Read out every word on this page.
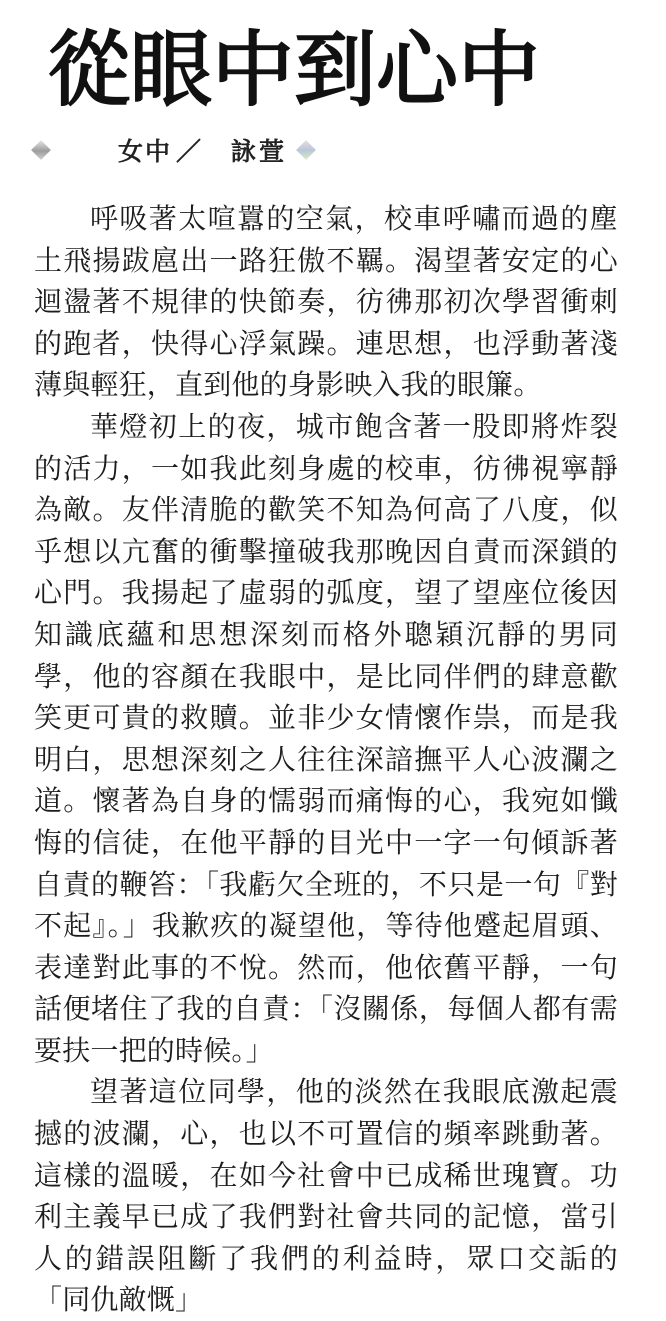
從眼中到心中
女中 ／ 詠萱

呼吸著太喧囂的空氣，校車呼嘯而過的塵土飛揚跋扈出一路狂傲不羈。渴望著安定的心迴盪著不規律的快節奏，彷彿那初次學習衝刺的跑者，快得心浮氣躁。連思想，也浮動著淺薄與輕狂，直到他的身影映入我的眼簾。

華燈初上的夜，城市飽含著一股即將炸裂的活力，一如我此刻身處的校車，彷彿視寧靜為敵。友伴清脆的歡笑不知為何高了八度，似乎想以亢奮的衝擊撞破我那晚因自責而深鎖的心門。我揚起了虛弱的弧度，望了望座位後因知識底蘊和思想深刻而格外聰穎沉靜的男同學，他的容顏在我眼中，是比同伴們的肆意歡笑更可貴的救贖。並非少女情懷作祟，而是我明白，思想深刻之人往往深諳撫平人心波瀾之道。懷著為自身的懦弱而痛悔的心，我宛如懺悔的信徒，在他平靜的目光中一字一句傾訴著自責的鞭笞：「我虧欠全班的，不只是一句『對不起』。」我歉疚的凝望他，等待他蹙起眉頭、表達對此事的不悅。然而，他依舊平靜，一句話便堵住了我的自責：「沒關係，每個人都有需要扶一把的時候。」

望著這位同學，他的淡然在我眼底激起震撼的波瀾，心，也以不可置信的頻率跳動著。這樣的溫暖，在如今社會中已成稀世瑰寶。功利主義早已成了我們對社會共同的記憶，當引人的錯誤阻斷了我們的利益時，眾口交詬的「同仇敵慨」
